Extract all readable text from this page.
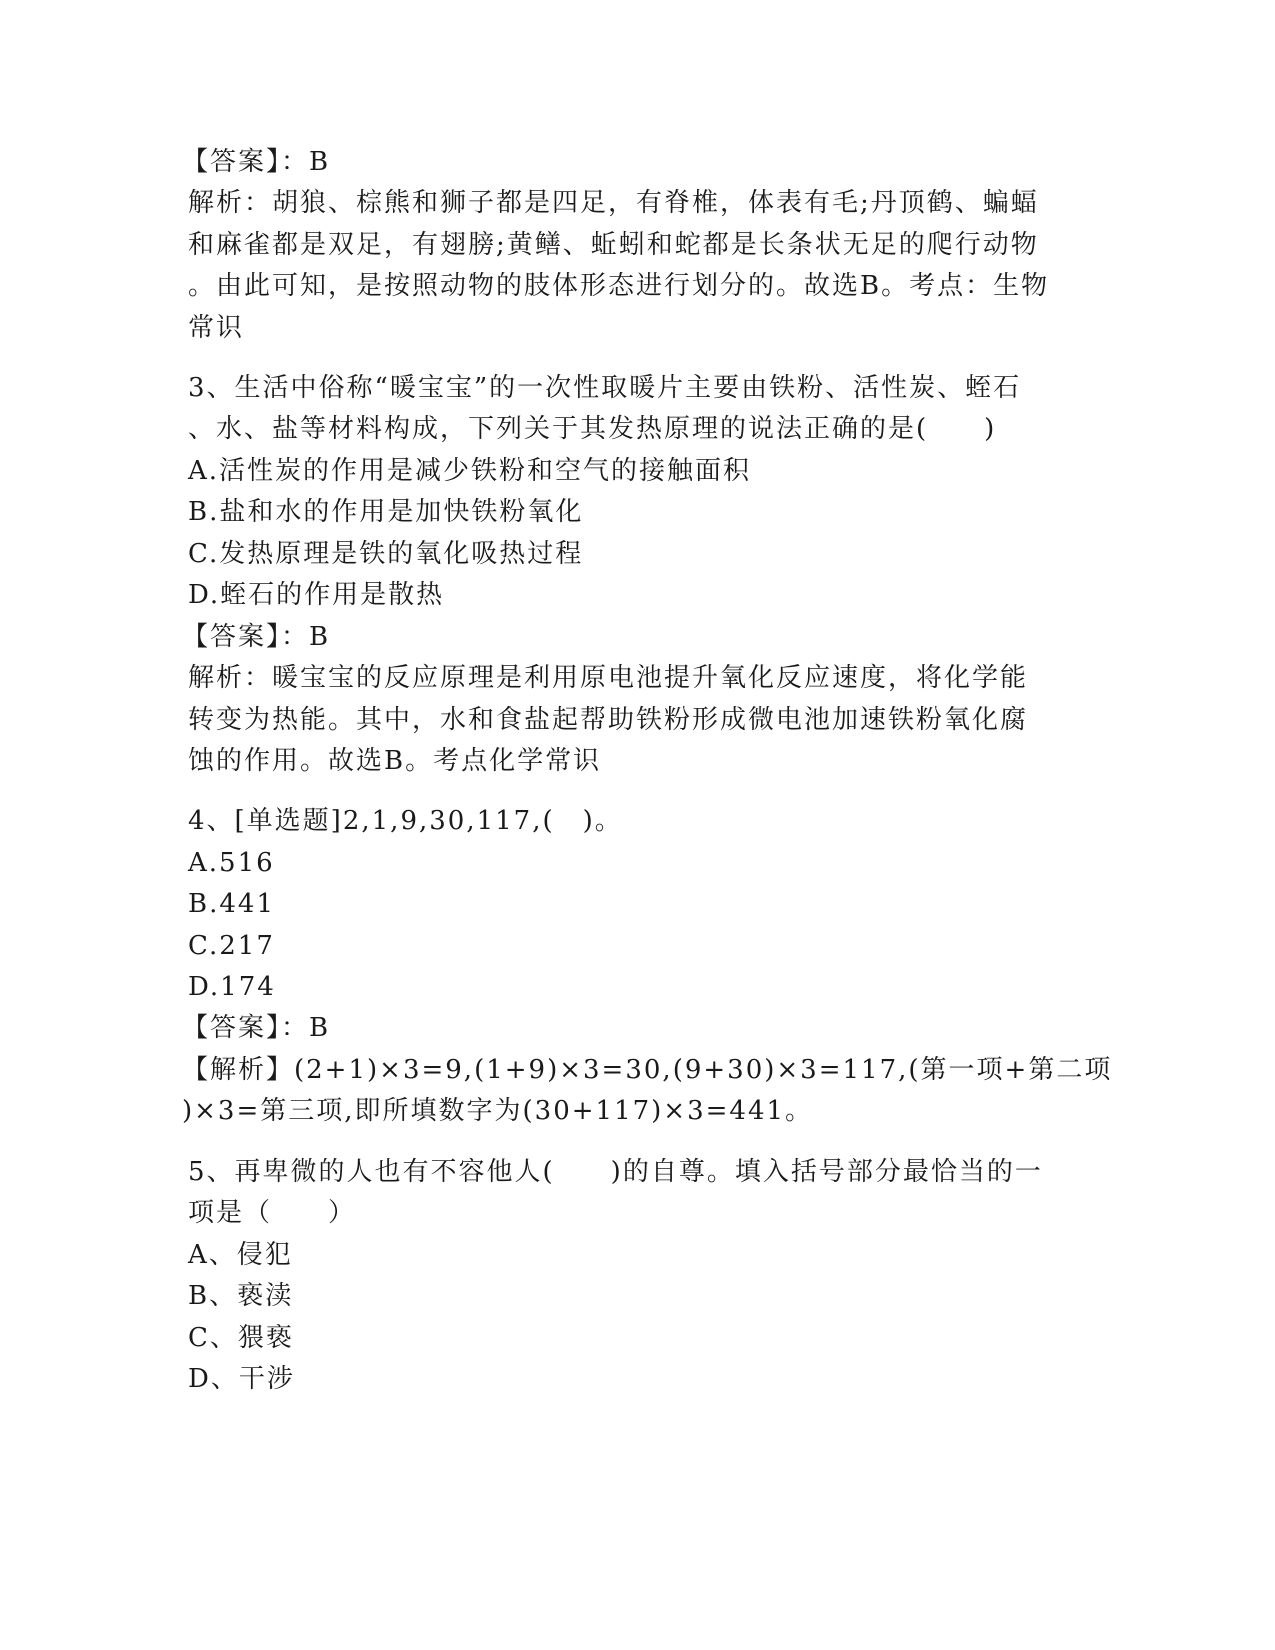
【答案】：B
解析：胡狼、棕熊和狮子都是四足，有脊椎，体表有毛;丹顶鹤、蝙蝠
和麻雀都是双足，有翅膀;黄鳝、蚯蚓和蛇都是长条状无足的爬行动物
。由此可知，是按照动物的肢体形态进行划分的。故选B。考点：生物
常识
3、生活中俗称“暖宝宝”的一次性取暖片主要由铁粉、活性炭、蛭石
、水、盐等材料构成，下列关于其发热原理的说法正确的是(　　)
A.活性炭的作用是减少铁粉和空气的接触面积
B.盐和水的作用是加快铁粉氧化
C.发热原理是铁的氧化吸热过程
D.蛭石的作用是散热
【答案】：B
解析：暖宝宝的反应原理是利用原电池提升氧化反应速度，将化学能
转变为热能。其中，水和食盐起帮助铁粉形成微电池加速铁粉氧化腐
蚀的作用。故选B。考点化学常识
4、[单选题]2,1,9,30,117,(　)。
A.516
B.441
C.217
D.174
【答案】：B
【解析】(2+1)×3=9,(1+9)×3=30,(9+30)×3=117,(第一项+第二项
)×3=第三项,即所填数字为(30+117)×3=441。
5、再卑微的人也有不容他人(　　)的自尊。填入括号部分最恰当的一
项是（　　）
A、侵犯
B、亵渎
C、猥亵
D、干涉
